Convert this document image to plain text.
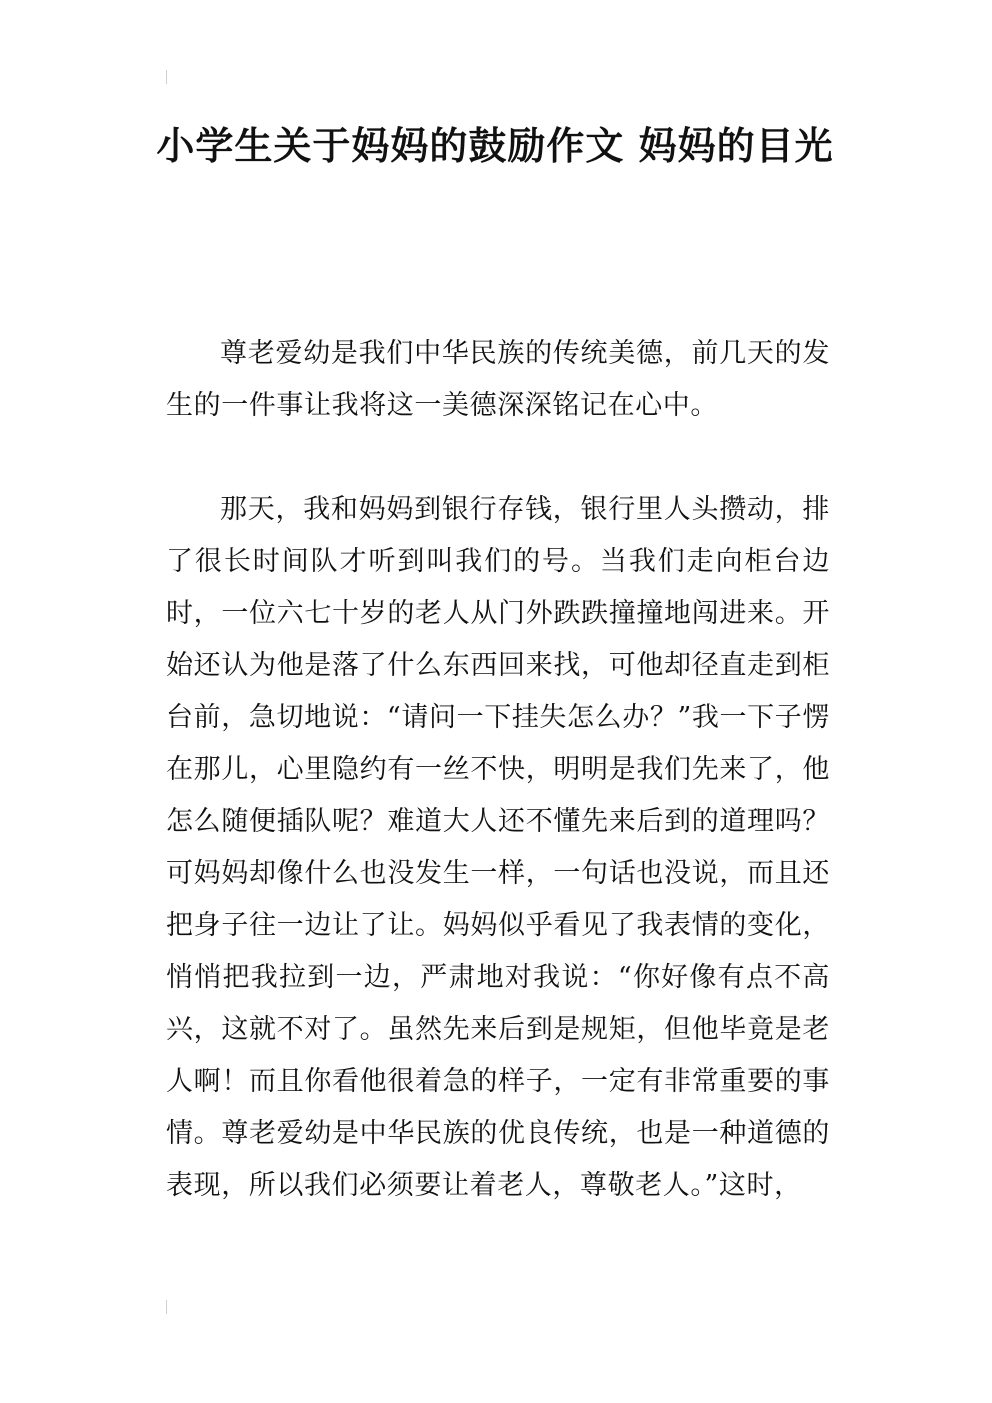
小学生关于妈妈的鼓励作文 妈妈的目光

尊老爱幼是我们中华民族的传统美德，前几天的发生的一件事让我将这一美德深深铭记在心中。

那天，我和妈妈到银行存钱，银行里人头攒动，排了很长时间队才听到叫我们的号。当我们走向柜台边时，一位六七十岁的老人从门外跌跌撞撞地闯进来。开始还认为他是落了什么东西回来找，可他却径直走到柜台前，急切地说：“请问一下挂失怎么办？”我一下子愣在那儿，心里隐约有一丝不快，明明是我们先来了，他怎么随便插队呢？难道大人还不懂先来后到的道理吗？可妈妈却像什么也没发生一样，一句话也没说，而且还把身子往一边让了让。妈妈似乎看见了我表情的变化，悄悄把我拉到一边，严肃地对我说：“你好像有点不高兴，这就不对了。虽然先来后到是规矩，但他毕竟是老人啊！而且你看他很着急的样子，一定有非常重要的事情。尊老爱幼是中华民族的优良传统，也是一种道德的表现，所以我们必须要让着老人，尊敬老人。”这时，
